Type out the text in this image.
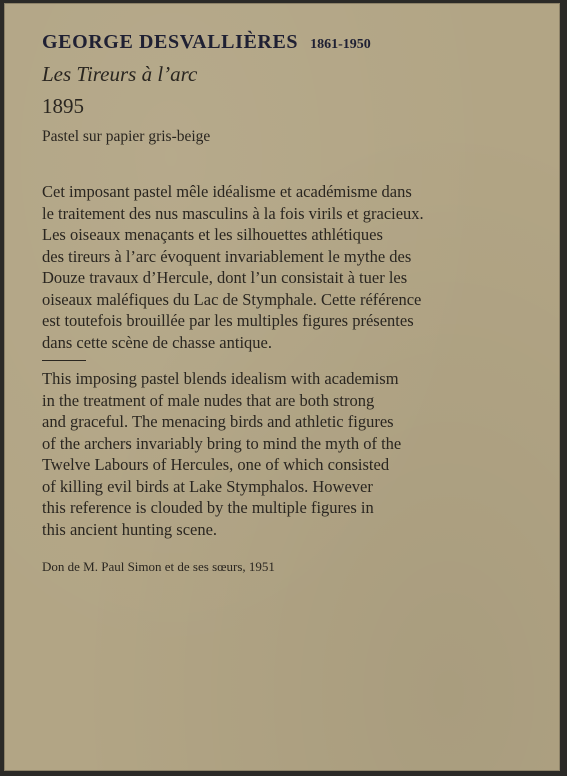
GEORGE DESVALLIÈRES 1861-1950
Les Tireurs à l’arc
1895
Pastel sur papier gris-beige

Cet imposant pastel mêle idéalisme et académisme dans
le traitement des nus masculins à la fois virils et gracieux.
Les oiseaux menaçants et les silhouettes athlétiques
des tireurs à l’arc évoquent invariablement le mythe des
Douze travaux d’Hercule, dont l’un consistait à tuer les
oiseaux maléfiques du Lac de Stymphale. Cette référence
est toutefois brouillée par les multiples figures présentes
dans cette scène de chasse antique.

This imposing pastel blends idealism with academism
in the treatment of male nudes that are both strong
and graceful. The menacing birds and athletic figures
of the archers invariably bring to mind the myth of the
Twelve Labours of Hercules, one of which consisted
of killing evil birds at Lake Stymphalos. However
this reference is clouded by the multiple figures in
this ancient hunting scene.

Don de M. Paul Simon et de ses sœurs, 1951
